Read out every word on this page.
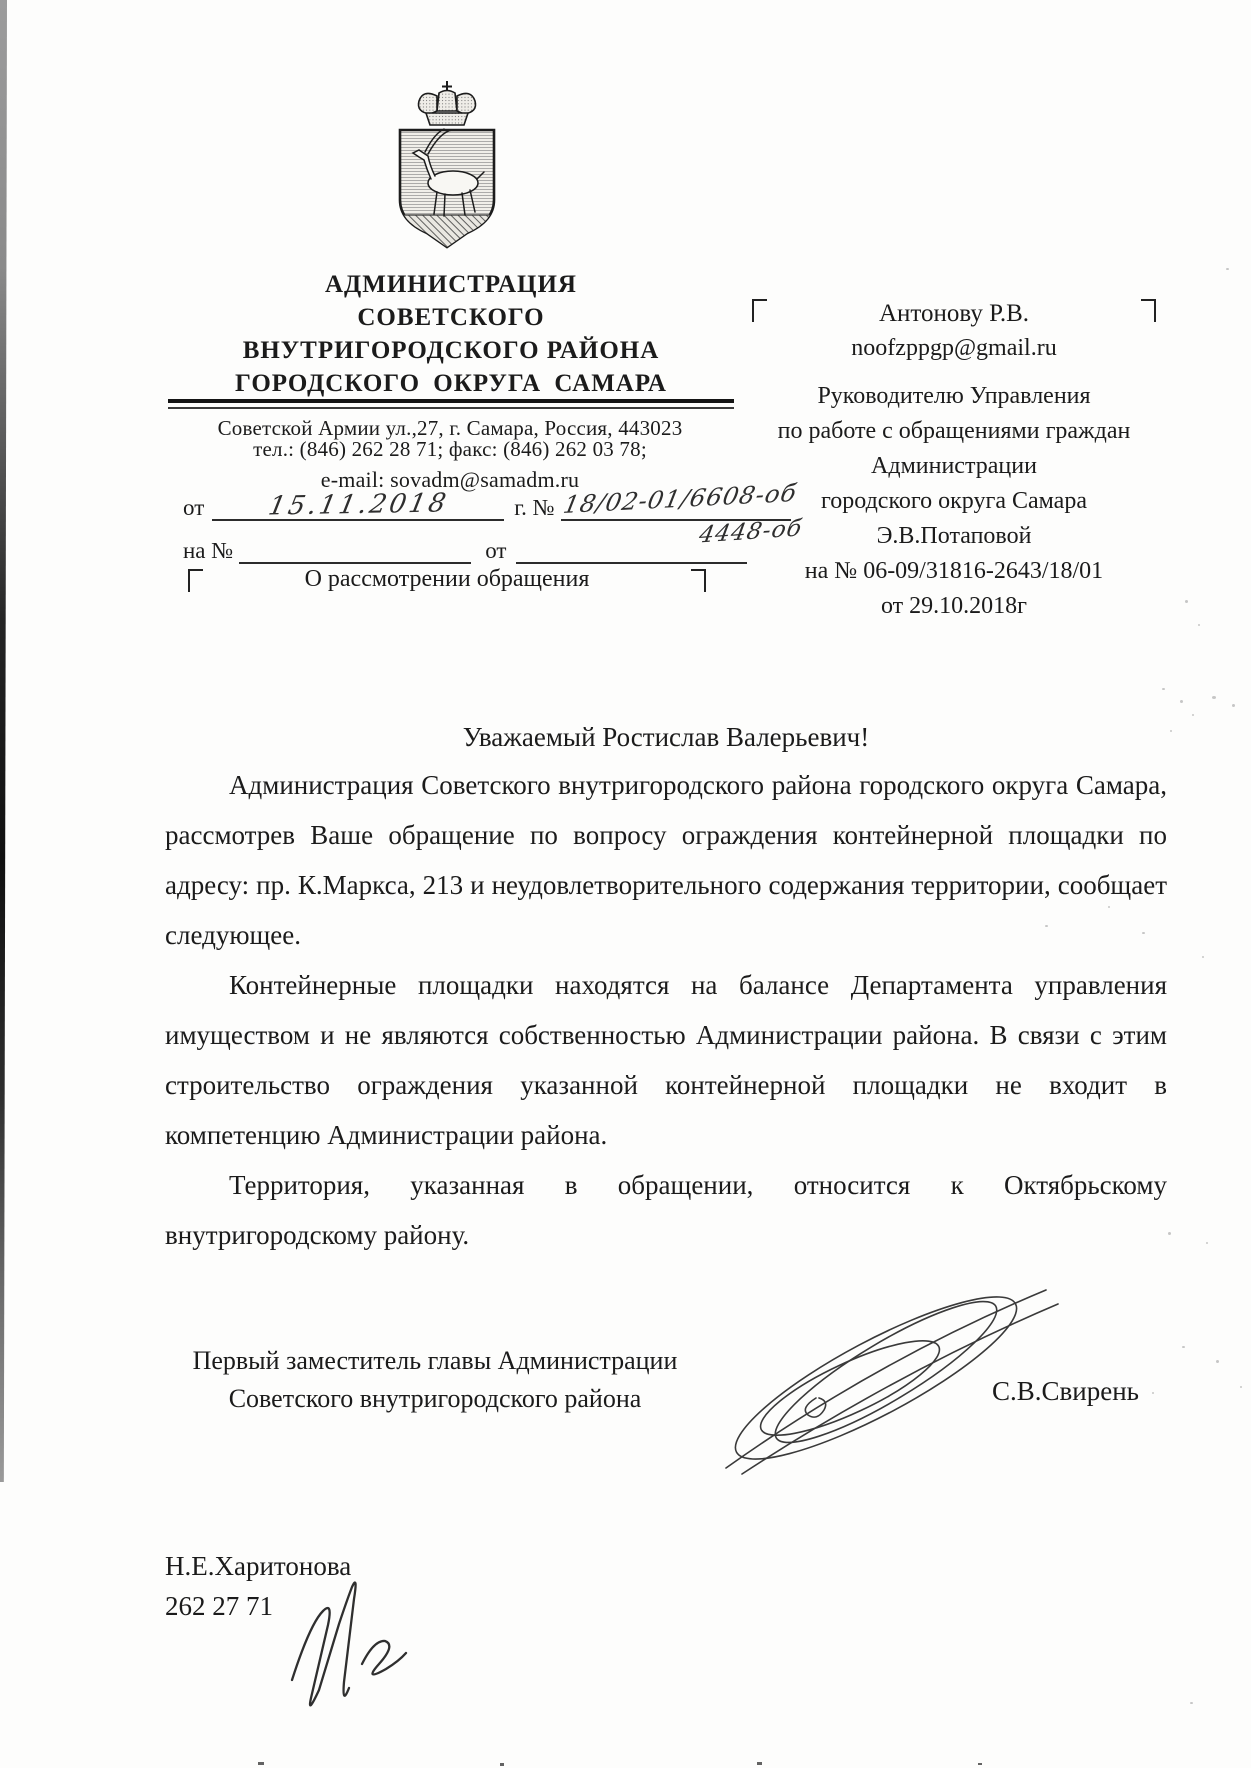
АДМИНИСТРАЦИЯ
СОВЕТСКОГО
ВНУТРИГОРОДСКОГО РАЙОНА
ГОРОДСКОГО ОКРУГА САМАРА
Советской Армии ул.,27, г. Самара, Россия, 443023
тел.: (846) 262 28 71; факс: (846) 262 03 78;
e-mail: sovadm@samadm.ru
от	15.11.2018	г. № 18/02-01/6608-об
4448-об
на №	от
О рассмотрении обращения
Антонову Р.В.
noofzppgp@gmail.ru
Руководителю Управления
по работе с обращениями граждан
Администрации
городского округа Самара
Э.В.Потаповой
на № 06-09/31816-2643/18/01
от 29.10.2018г
Уважаемый Ростислав Валерьевич!

Администрация Советского внутригородского района городского округа Самара, рассмотрев Ваше обращение по вопросу ограждения контейнерной площадки по адресу: пр. К.Маркса, 213 и неудовлетворительного содержания территории, сообщает следующее.

Контейнерные площадки находятся на балансе Департамента управления имуществом и не являются собственностью Администрации района. В связи с этим строительство ограждения указанной контейнерной площадки не входит в компетенцию Администрации района.

Территория, указанная в обращении, относится к Октябрьскому внутригородскому району.

Первый заместитель главы Администрации
Советского внутригородского района	С.В.Свирень
Н.Е.Харитонова
262 27 71
